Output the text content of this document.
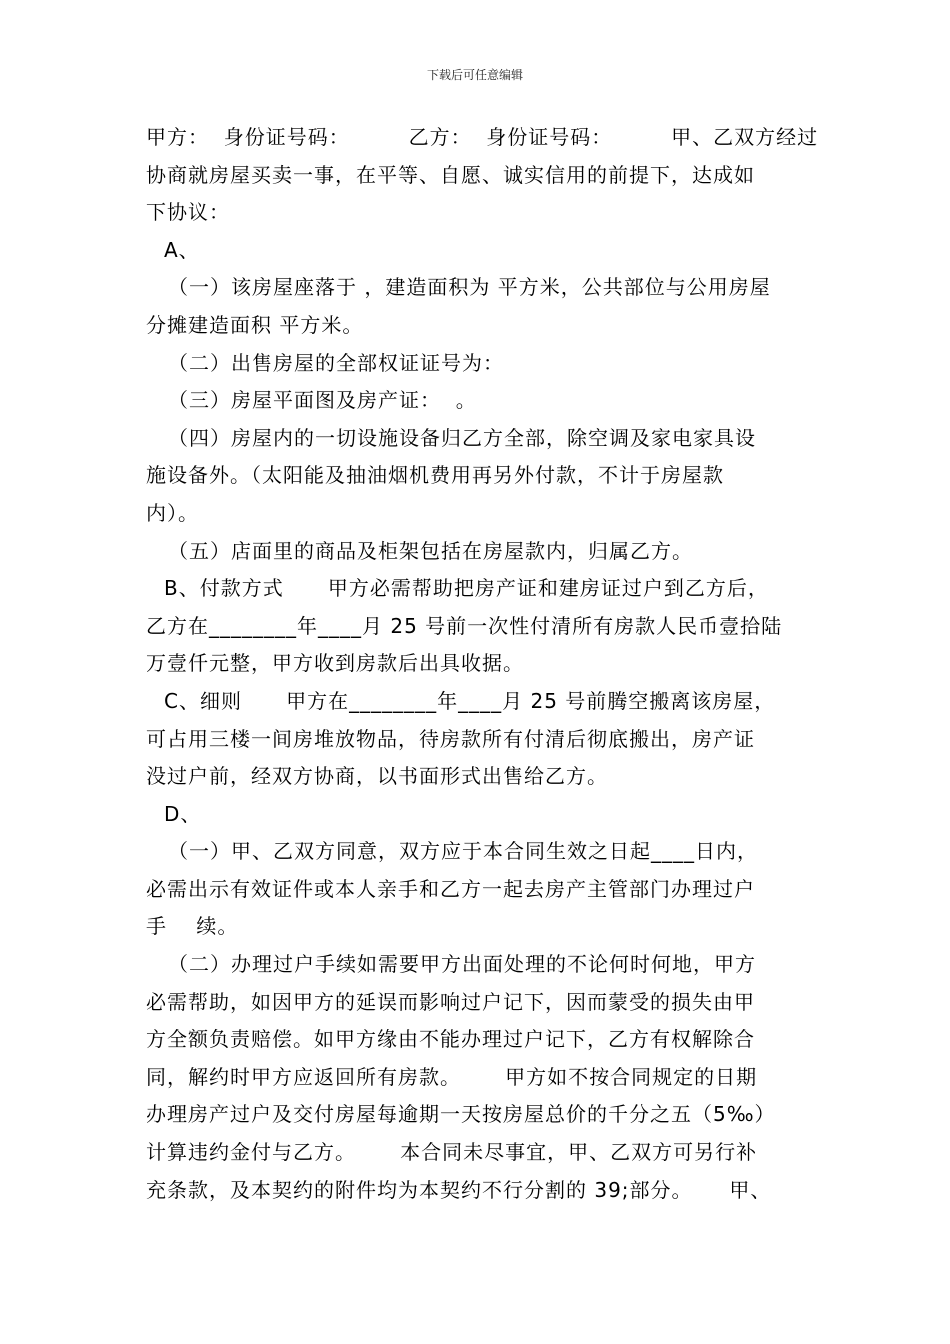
下载后可任意编辑
甲方：  身份证号码：        乙方：  身份证号码：        甲、乙双方经过
协商就房屋买卖一事，在平等、自愿、诚实信用的前提下，达成如
下协议：
A、
（一）该房屋座落于 ，建造面积为 平方米，公共部位与公用房屋
分摊建造面积 平方米。
（二）出售房屋的全部权证证号为：
（三）房屋平面图及房产证：  。
（四）房屋内的一切设施设备归乙方全部，除空调及家电家具设
施设备外。（太阳能及抽油烟机费用再另外付款，不计于房屋款
内）。
（五）店面里的商品及柜架包括在房屋款内，归属乙方。
B、付款方式      甲方必需帮助把房产证和建房证过户到乙方后，
乙方在________年____月 25 号前一次性付清所有房款人民币壹拾陆
万壹仟元整，甲方收到房款后出具收据。
C、细则      甲方在________年____月 25 号前腾空搬离该房屋，
可占用三楼一间房堆放物品，待房款所有付清后彻底搬出，房产证
没过户前，经双方协商，以书面形式出售给乙方。
D、
（一）甲、乙双方同意，双方应于本合同生效之日起____日内，
必需出示有效证件或本人亲手和乙方一起去房产主管部门办理过户
手    续。
（二）办理过户手续如需要甲方出面处理的不论何时何地，甲方
必需帮助，如因甲方的延误而影响过户记下，因而蒙受的损失由甲
方全额负责赔偿。如甲方缘由不能办理过户记下，乙方有权解除合
同，解约时甲方应返回所有房款。      甲方如不按合同规定的日期
办理房产过户及交付房屋每逾期一天按房屋总价的千分之五（5‰）
计算违约金付与乙方。      本合同未尽事宜，甲、乙双方可另行补
充条款，及本契约的附件均为本契约不行分割的 39;部分。     甲、
